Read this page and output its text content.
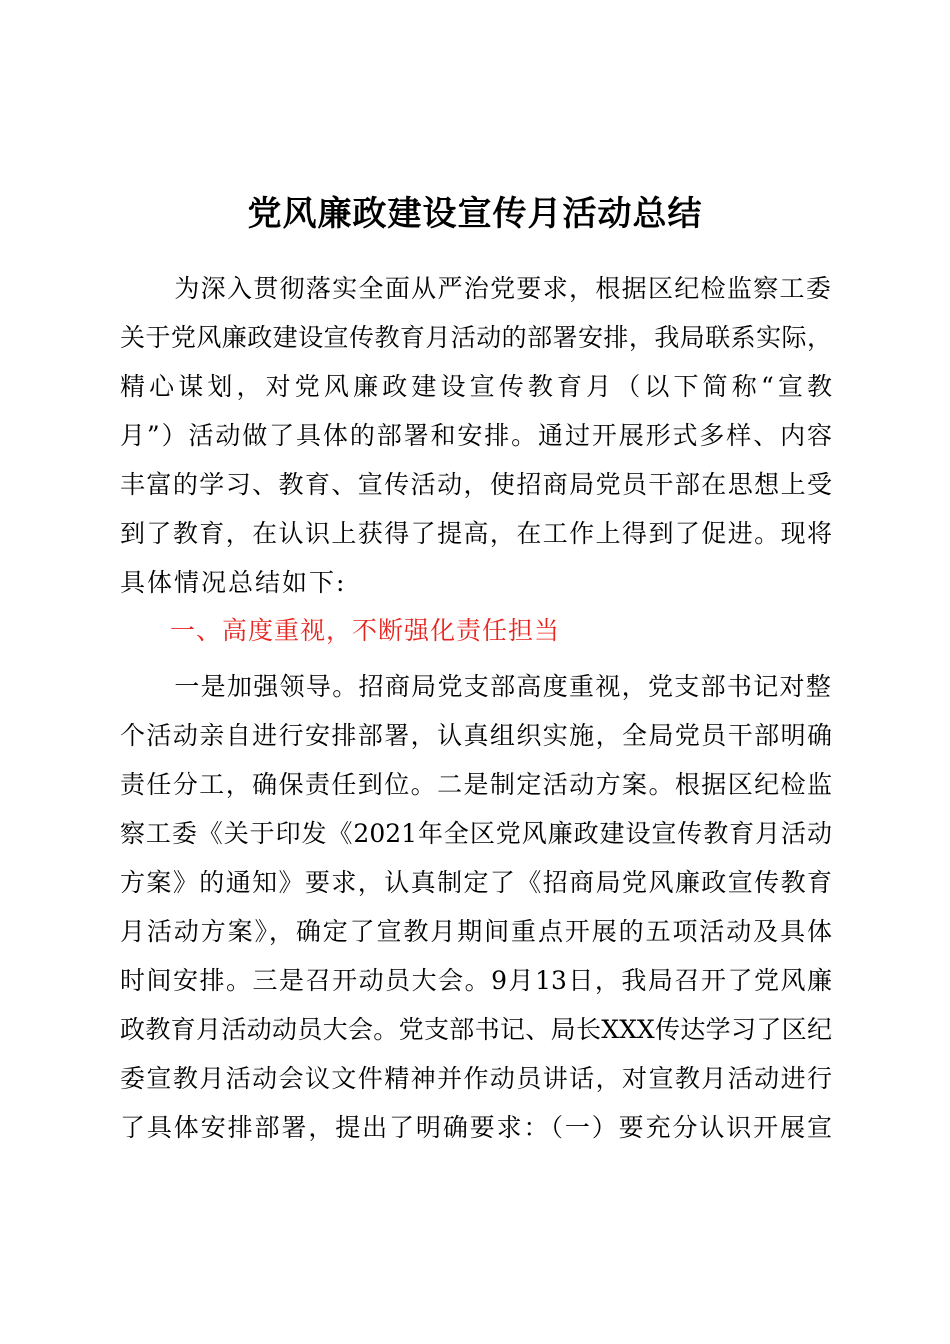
党风廉政建设宣传月活动总结
　为深入贯彻落实全面从严治党要求，根据区纪检监察工委
关于党风廉政建设宣传教育月活动的部署安排，我局联系实际，
精心谋划，对党风廉政建设宣传教育月（以下简称“宣教
月”）活动做了具体的部署和安排。通过开展形式多样、内容
丰富的学习、教育、宣传活动，使招商局党员干部在思想上受
到了教育，在认识上获得了提高，在工作上得到了促进。现将
具体情况总结如下:
一、高度重视，不断强化责任担当
　一是加强领导。招商局党支部高度重视，党支部书记对整
个活动亲自进行安排部署，认真组织实施，全局党员干部明确
责任分工，确保责任到位。二是制定活动方案。根据区纪检监
察工委《关于印发《2021年全区党风廉政建设宣传教育月活动
方案》的通知》要求，认真制定了《招商局党风廉政宣传教育
月活动方案》，确定了宣教月期间重点开展的五项活动及具体
时间安排。三是召开动员大会。9月13日，我局召开了党风廉
政教育月活动动员大会。党支部书记、局长XXX传达学习了区纪
委宣教月活动会议文件精神并作动员讲话，对宣教月活动进行
了具体安排部署，提出了明确要求：（一）要充分认识开展宣
